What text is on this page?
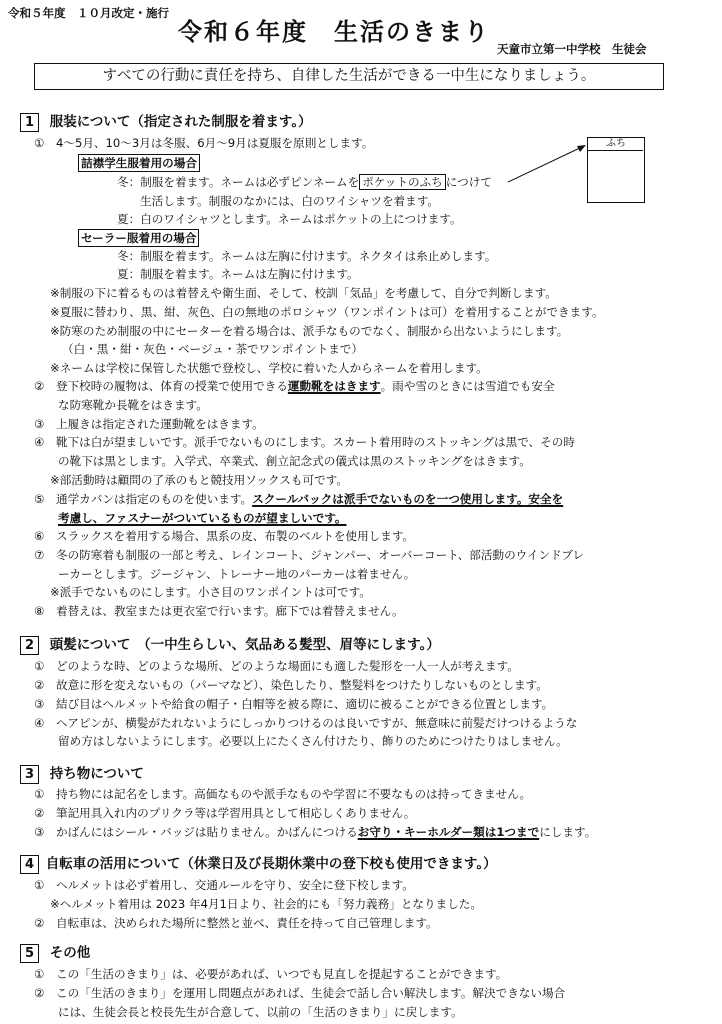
令和５年度　１０月改定・施行
令和６年度　生活のきまり
天童市立第一中学校　生徒会
すべての行動に責任を持ち、自律した生活ができる一中生になりましょう。
1 服装について（指定された制服を着ます。）
①　4～5月、10～3月は冬服、6月～9月は夏服を原則とします。
詰襟学生服着用の場合
冬：制服を着ます。ネームは必ずピンネームを ポケットのふち につけて
生活します。制服のなかには、白のワイシャツを着ます。
夏：白のワイシャツとします。ネームはポケットの上につけます。
セーラー服着用の場合
冬：制服を着ます。ネームは左胸に付けます。ネクタイは糸止めします。
夏：制服を着ます。ネームは左胸に付けます。
※制服の下に着るものは着替えや衛生面、そして、校訓「気品」を考慮して、自分で判断します。
※夏服に替わり、黒、紺、灰色、白の無地のポロシャツ（ワンポイントは可）を着用することができます。
※防寒のため制服の中にセーターを着る場合は、派手なものでなく、制服から出ないようにします。
（白・黒・紺・灰色・ベージュ・茶でワンポイントまで）
※ネームは学校に保管した状態で登校し、学校に着いた人からネームを着用します。
②　登下校時の履物は、体育の授業で使用できる運動靴をはきます。雨や雪のときには雪道でも安全
な防寒靴か長靴をはきます。
③　上履きは指定された運動靴をはきます。
④　靴下は白が望ましいです。派手でないものにします。スカート着用時のストッキングは黒で、その時
の靴下は黒とします。入学式、卒業式、創立記念式の儀式は黒のストッキングをはきます。
※部活動時は顧問の了承のもと競技用ソックスも可です。
⑤　通学カバンは指定のものを使います。スクールバックは派手でないものを一つ使用します。安全を
考慮し、ファスナーがついているものが望ましいです。
⑥　スラックスを着用する場合、黒系の皮、布製のベルトを使用します。
⑦　冬の防寒着も制服の一部と考え、レインコート、ジャンパー、オーバーコート、部活動のウインドブレ
ーカーとします。ジージャン、トレーナー地のパーカーは着ません。
※派手でないものにします。小さ目のワンポイントは可です。
⑧　着替えは、教室または更衣室で行います。廊下では着替えません。
ふち
2 頭髪について　（一中生らしい、気品ある髪型、眉等にします。）
①　どのような時、どのような場所、どのような場面にも適した髪形を一人一人が考えます。
②　故意に形を変えないもの（パーマなど）、染色したり、整髪料をつけたりしないものとします。
③　結び目はヘルメットや給食の帽子・白帽等を被る際に、適切に被ることができる位置とします。
④　ヘアピンが、横髪がたれないようにしっかりつけるのは良いですが、無意味に前髪だけつけるような
留め方はしないようにします。必要以上にたくさん付けたり、飾りのためにつけたりはしません。
3 持ち物について
①　持ち物には記名をします。高価なものや派手なものや学習に不要なものは持ってきません。
②　筆記用具入れ内のプリクラ等は学習用具として相応しくありません。
③　かばんにはシール・バッジは貼りません。かばんにつけるお守り・キーホルダー類は1つまでにします。
4 自転車の活用について（休業日及び長期休業中の登下校も使用できます。）
①　ヘルメットは必ず着用し、交通ルールを守り、安全に登下校します。
※ヘルメット着用は 2023 年4月1日より、社会的にも「努力義務」となりました。
②　自転車は、決められた場所に整然と並べ、責任を持って自己管理します。
5 その他
①　この「生活のきまり」は、必要があれば、いつでも見直しを提起することができます。
②　この「生活のきまり」を運用し問題点があれば、生徒会で話し合い解決します。解決できない場合
には、生徒会長と校長先生が合意して、以前の「生活のきまり」に戻します。
